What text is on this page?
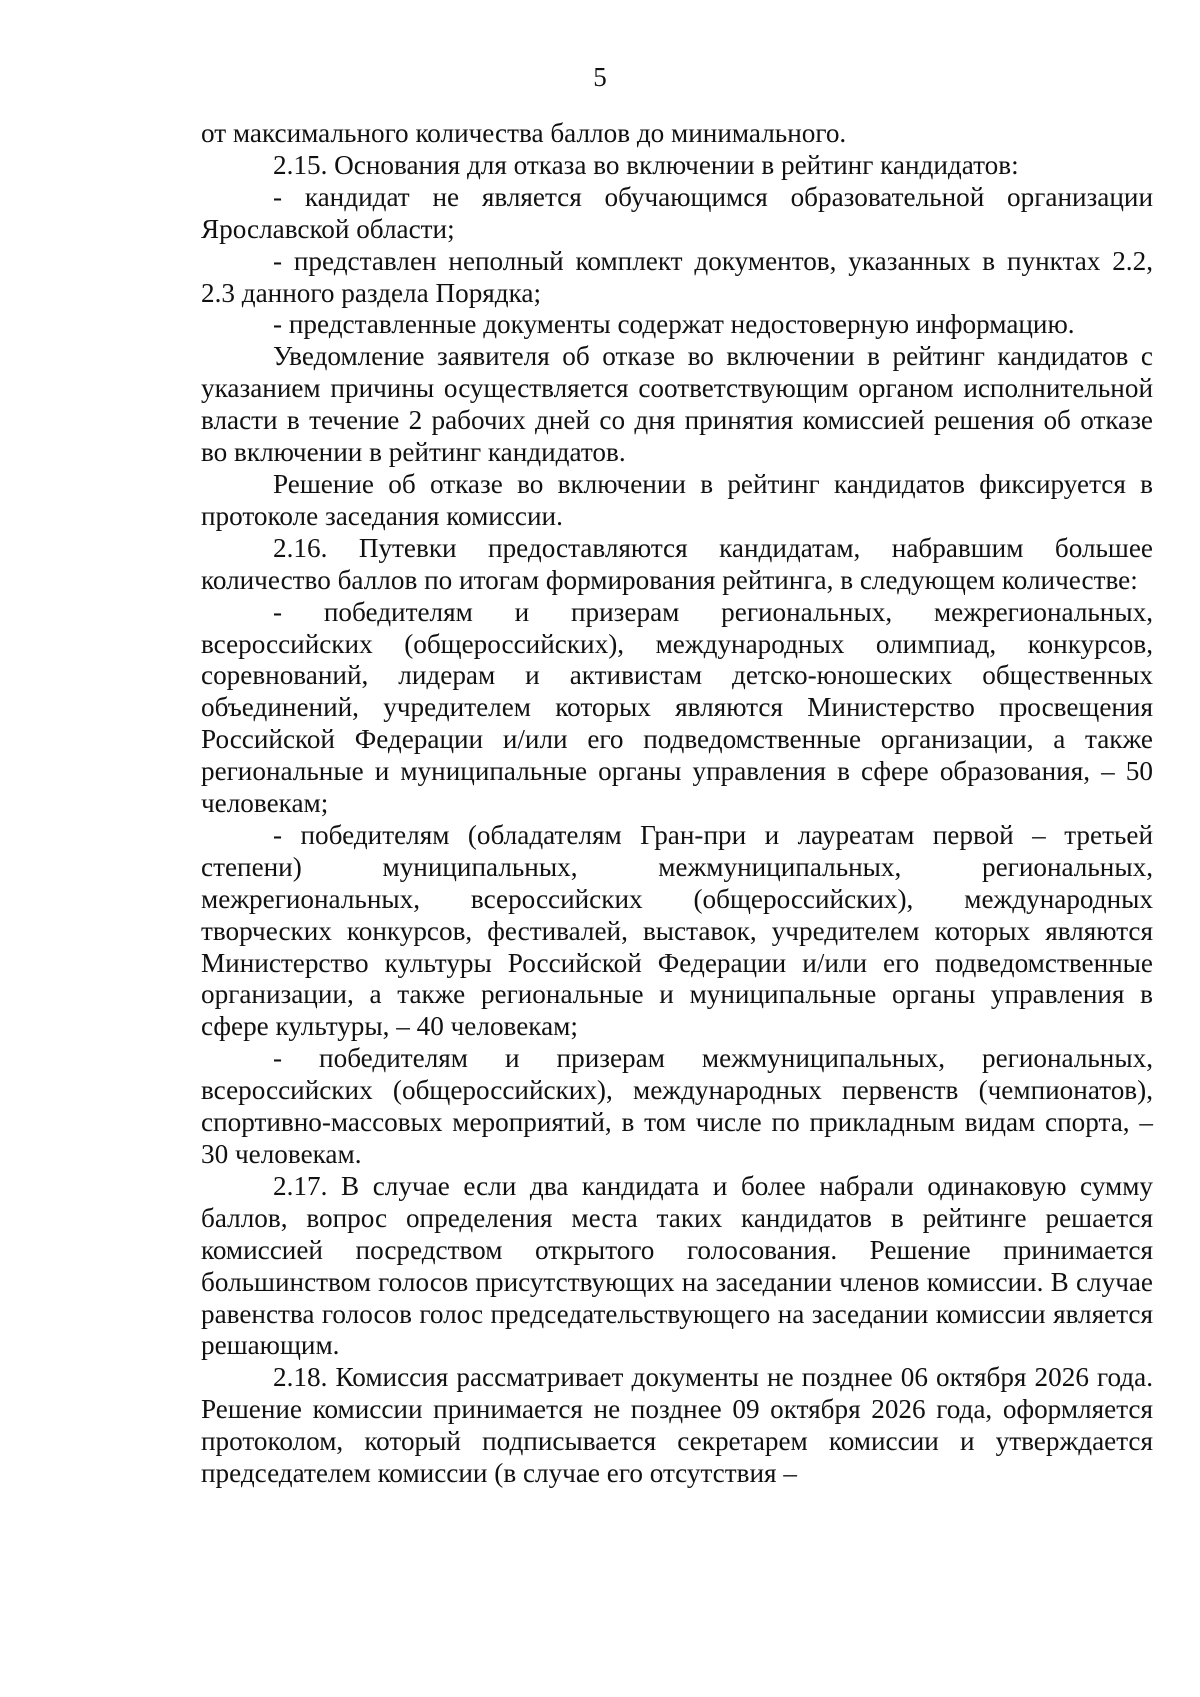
5

от максимального количества баллов до минимального.

2.15. Основания для отказа во включении в рейтинг кандидатов:

- кандидат не является обучающимся образовательной организации Ярославской области;

- представлен неполный комплект документов, указанных в пунктах 2.2, 2.3 данного раздела Порядка;

- представленные документы содержат недостоверную информацию.

Уведомление заявителя об отказе во включении в рейтинг кандидатов с указанием причины осуществляется соответствующим органом исполнительной власти в течение 2 рабочих дней со дня принятия комиссией решения об отказе во включении в рейтинг кандидатов.

Решение об отказе во включении в рейтинг кандидатов фиксируется в протоколе заседания комиссии.

2.16. Путевки предоставляются кандидатам, набравшим большее количество баллов по итогам формирования рейтинга, в следующем количестве:

- победителям и призерам региональных, межрегиональных, всероссийских (общероссийских), международных олимпиад, конкурсов, соревнований, лидерам и активистам детско-юношеских общественных объединений, учредителем которых являются Министерство просвещения Российской Федерации и/или его подведомственные организации, а также региональные и муниципальные органы управления в сфере образования, – 50 человекам;

- победителям (обладателям Гран-при и лауреатам первой – третьей степени) муниципальных, межмуниципальных, региональных, межрегиональных, всероссийских (общероссийских), международных творческих конкурсов, фестивалей, выставок, учредителем которых являются Министерство культуры Российской Федерации и/или его подведомственные организации, а также региональные и муниципальные органы управления в сфере культуры, – 40 человекам;

- победителям и призерам межмуниципальных, региональных, всероссийских (общероссийских), международных первенств (чемпионатов), спортивно-массовых мероприятий, в том числе по прикладным видам спорта, – 30 человекам.

2.17. В случае если два кандидата и более набрали одинаковую сумму баллов, вопрос определения места таких кандидатов в рейтинге решается комиссией посредством открытого голосования. Решение принимается большинством голосов присутствующих на заседании членов комиссии. В случае равенства голосов голос председательствующего на заседании комиссии является решающим.

2.18. Комиссия рассматривает документы не позднее 06 октября 2026 года. Решение комиссии принимается не позднее 09 октября 2026 года, оформляется протоколом, который подписывается секретарем комиссии и утверждается председателем комиссии (в случае его отсутствия –
